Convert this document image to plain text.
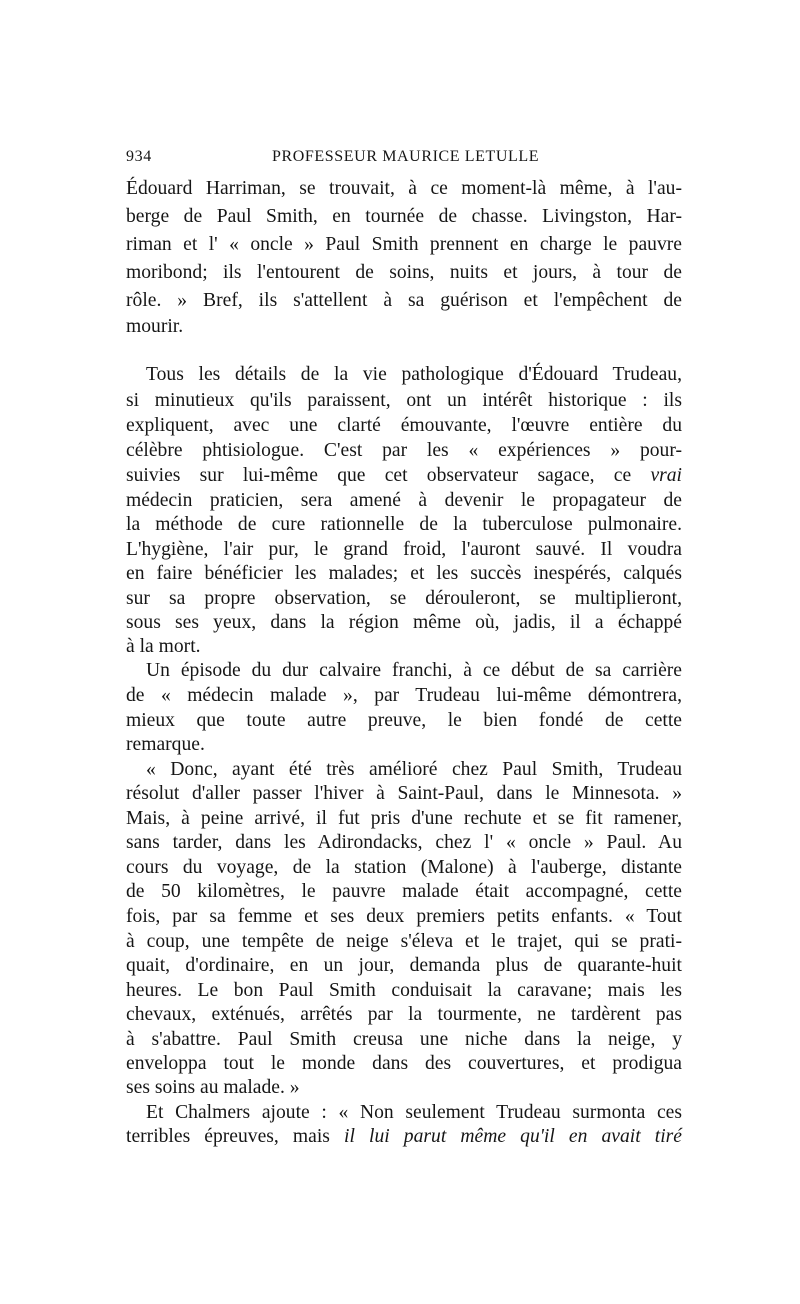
934	PROFESSEUR MAURICE LETULLE
Édouard Harriman, se trouvait, à ce moment-là même, à l'au-
berge de Paul Smith, en tournée de chasse. Livingston, Har-
riman et l' « oncle » Paul Smith prennent en charge le pauvre
moribond; ils l'entourent de soins, nuits et jours, à tour de
rôle. » Bref, ils s'attellent à sa guérison et l'empêchent de
mourir.
Tous les détails de la vie pathologique d'Édouard Trudeau,
si minutieux qu'ils paraissent, ont un intérêt historique : ils
expliquent, avec une clarté émouvante, l'œuvre entière du
célèbre phtisiologue. C'est par les « expériences » pour-
suivies sur lui-même que cet observateur sagace, ce vrai
médecin praticien, sera amené à devenir le propagateur de
la méthode de cure rationnelle de la tuberculose pulmonaire.
L'hygiène, l'air pur, le grand froid, l'auront sauvé. Il voudra
en faire bénéficier les malades; et les succès inespérés, calqués
sur sa propre observation, se dérouleront, se multiplieront,
sous ses yeux, dans la région même où, jadis, il a échappé
à la mort.
Un épisode du dur calvaire franchi, à ce début de sa carrière
de « médecin malade », par Trudeau lui-même démontrera,
mieux que toute autre preuve, le bien fondé de cette
remarque.
« Donc, ayant été très amélioré chez Paul Smith, Trudeau
résolut d'aller passer l'hiver à Saint-Paul, dans le Minnesota. »
Mais, à peine arrivé, il fut pris d'une rechute et se fit ramener,
sans tarder, dans les Adirondacks, chez l' « oncle » Paul. Au
cours du voyage, de la station (Malone) à l'auberge, distante
de 50 kilomètres, le pauvre malade était accompagné, cette
fois, par sa femme et ses deux premiers petits enfants. « Tout
à coup, une tempête de neige s'éleva et le trajet, qui se prati-
quait, d'ordinaire, en un jour, demanda plus de quarante-huit
heures. Le bon Paul Smith conduisait la caravane; mais les
chevaux, exténués, arrêtés par la tourmente, ne tardèrent pas
à s'abattre. Paul Smith creusa une niche dans la neige, y
enveloppa tout le monde dans des couvertures, et prodigua
ses soins au malade. »
Et Chalmers ajoute : « Non seulement Trudeau surmonta ces
terribles épreuves, mais il lui parut même qu'il en avait tiré
